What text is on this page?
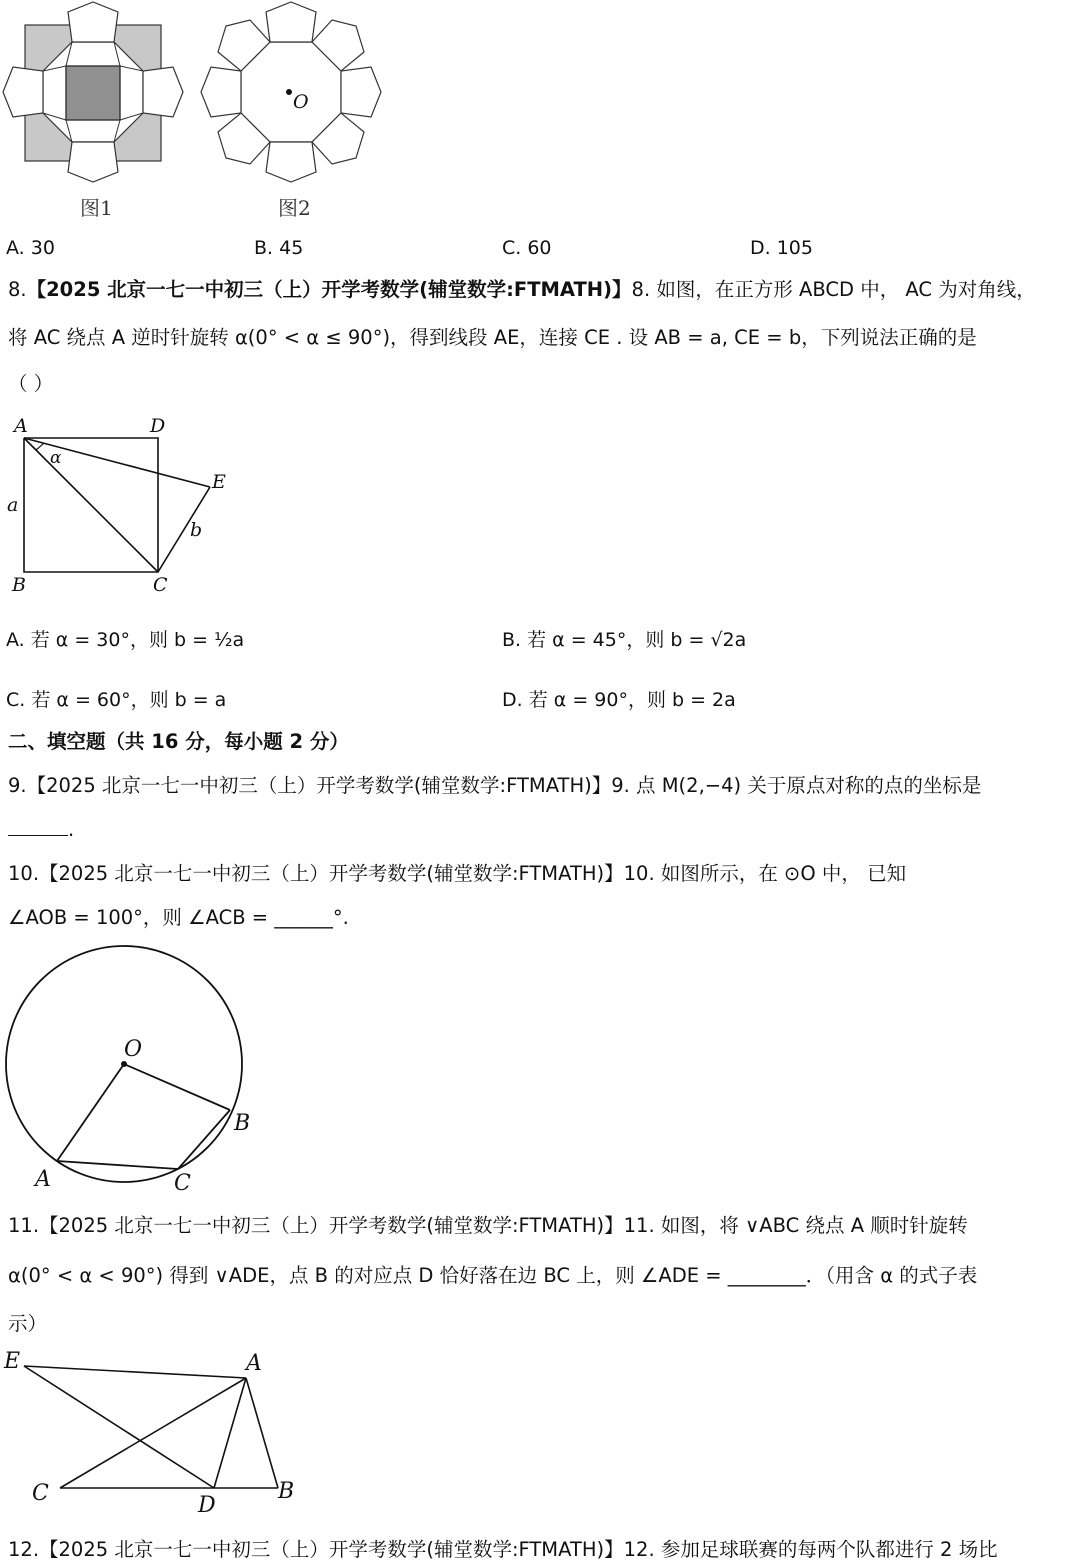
图1
O
图2
A. 30	B. 45	C. 60	D. 105
8.【2025 北京一七一中初三（上）开学考数学(辅堂数学:FTMATH)】8. 如图，在正方形 ABCD 中， AC 为对角线，
将 AC 绕点 A 逆时针旋转 α(0° < α ≤ 90°)，得到线段 AE，连接 CE . 设 AB = a, CE = b，下列说法正确的是
（ ）
A	D
E
B	C
a
b
α
A. 若 α = 30°，则 b = ½a	B. 若 α = 45°，则 b = √2a
C. 若 α = 60°，则 b = a	D. 若 α = 90°，则 b = 2a
二、填空题（共 16 分，每小题 2 分）
9.【2025 北京一七一中初三（上）开学考数学(辅堂数学:FTMATH)】9. 点 M(2,−4) 关于原点对称的点的坐标是
.
10.【2025 北京一七一中初三（上）开学考数学(辅堂数学:FTMATH)】10. 如图所示，在 ⊙O 中， 已知
∠AOB = 100°，则 ∠ACB = ______°.
O
B
A	C
11.【2025 北京一七一中初三（上）开学考数学(辅堂数学:FTMATH)】11. 如图，将 ∨ABC 绕点 A 顺时针旋转
α(0° < α < 90°) 得到 ∨ADE，点 B 的对应点 D 恰好落在边 BC 上，则 ∠ADE = ________．（用含 α 的式子表
示）
E	A
C	D
B
12.【2025 北京一七一中初三（上）开学考数学(辅堂数学:FTMATH)】12. 参加足球联赛的每两个队都进行 2 场比
